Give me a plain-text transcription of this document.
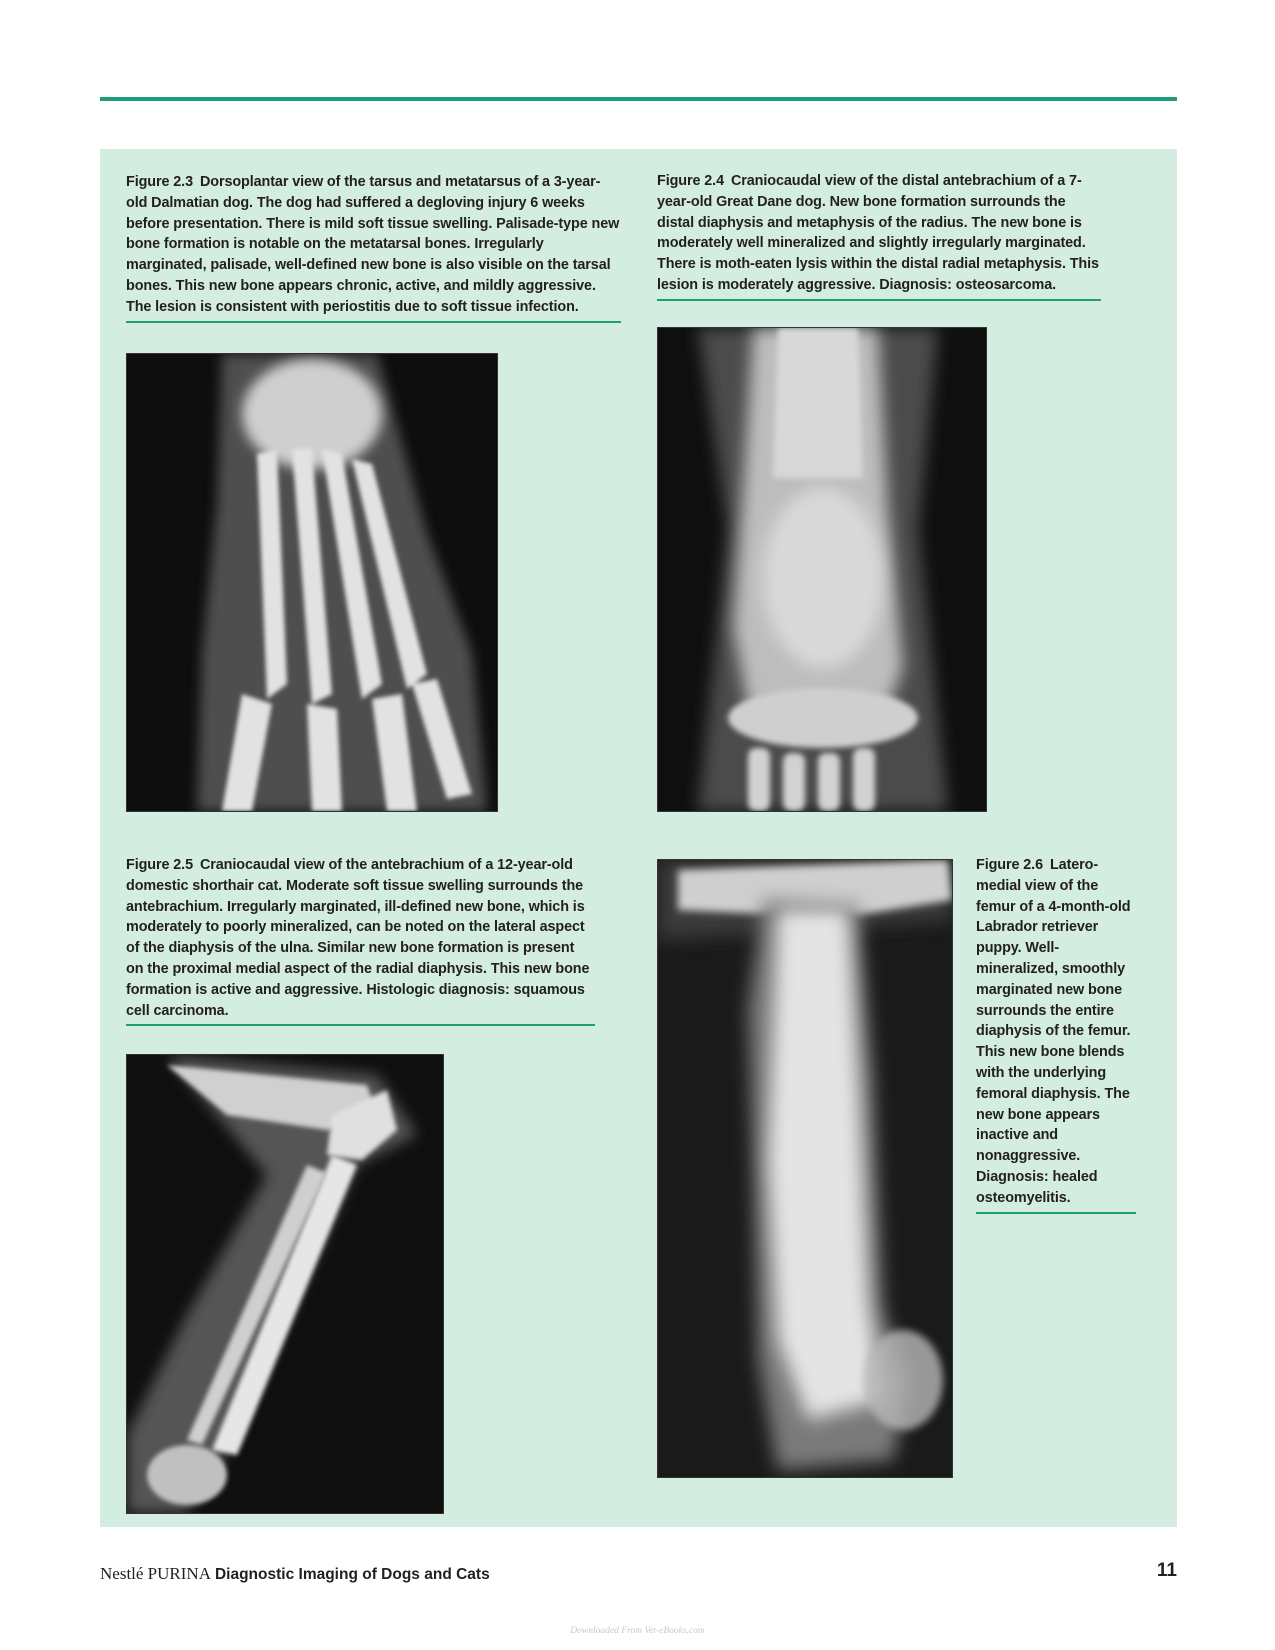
Figure 2.3 Dorsoplantar view of the tarsus and metatarsus of a 3-year-old Dalmatian dog. The dog had suffered a degloving injury 6 weeks before presentation. There is mild soft tissue swelling. Palisade-type new bone formation is notable on the metatarsal bones. Irregularly marginated, palisade, well-defined new bone is also visible on the tarsal bones. This new bone appears chronic, active, and mildly aggressive. The lesion is consistent with periostitis due to soft tissue infection.
Figure 2.4 Craniocaudal view of the distal antebrachium of a 7-year-old Great Dane dog. New bone formation surrounds the distal diaphysis and metaphysis of the radius. The new bone is moderately well mineralized and slightly irregularly marginated. There is moth-eaten lysis within the distal radial metaphysis. This lesion is moderately aggressive. Diagnosis: osteosarcoma.
Figure 2.5 Craniocaudal view of the antebrachium of a 12-year-old domestic shorthair cat. Moderate soft tissue swelling surrounds the antebrachium. Irregularly marginated, ill-defined new bone, which is moderately to poorly mineralized, can be noted on the lateral aspect of the diaphysis of the ulna. Similar new bone formation is present on the proximal medial aspect of the radial diaphysis. This new bone formation is active and aggressive. Histologic diagnosis: squamous cell carcinoma.
Figure 2.6 Latero-medial view of the femur of a 4-month-old Labrador retriever puppy. Well-mineralized, smoothly marginated new bone surrounds the entire diaphysis of the femur. This new bone blends with the underlying femoral diaphysis. The new bone appears inactive and nonaggressive. Diagnosis: healed osteomyelitis.
Nestlé PURINA Diagnostic Imaging of Dogs and Cats	11
Downloaded From Vet-eBooks.com
